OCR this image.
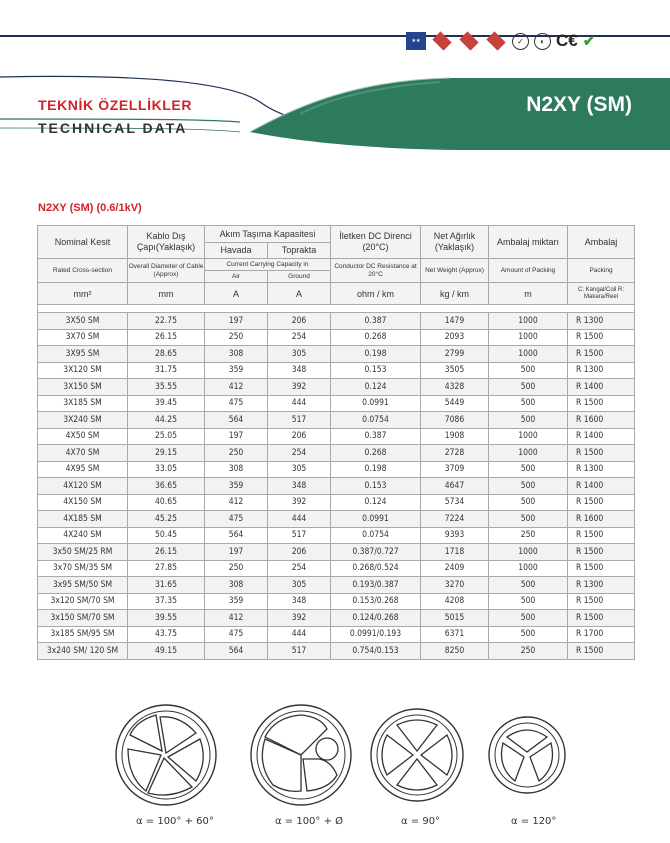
★★	✓	◐ C€ ✔
TEKNİK ÖZELLİKLER
TECHNICAL DATA
N2XY (SM)
N2XY (SM) (0.6/1kV)
Nominal Kesit	Kablo Dış Çapı(Yaklaşık)	Akım Taşıma Kapasitesi		İletken DC Direnci (20°C)	Net Ağırlık (Yaklaşık)	Ambalaj miktarı	Ambalaj
		Havada	Toprakta				
Rated Cross-section	Overall Diameter of Cable (Approx)	Current Carrying Capacity in		Conductor DC Resistance at 20°C	Net Weight (Approx)	Amount of Packing	Packing
		Air	Ground				
mm²	mm	A	A	ohm / km	kg / km	m	C: Kangal/Coil R: Makara/Reel

3X50 SM	22.75	197	206	0.387	1479	1000	R 1300
3X70 SM	26.15	250	254	0.268	2093	1000	R 1500
3X95 SM	28.65	308	305	0.198	2799	1000	R 1500
3X120 SM	31.75	359	348	0.153	3505	500	R 1300
3X150 SM	35.55	412	392	0.124	4328	500	R 1400
3X185 SM	39.45	475	444	0.0991	5449	500	R 1500
3X240 SM	44.25	564	517	0.0754	7086	500	R 1600
4X50 SM	25.05	197	206	0.387	1908	1000	R 1400
4X70 SM	29.15	250	254	0.268	2728	1000	R 1500
4X95 SM	33.05	308	305	0.198	3709	500	R 1300
4X120 SM	36.65	359	348	0.153	4647	500	R 1400
4X150 SM	40.65	412	392	0.124	5734	500	R 1500
4X185 SM	45.25	475	444	0.0991	7224	500	R 1600
4X240 SM	50.45	564	517	0.0754	9393	250	R 1500
3x50 SM/25 RM	26.15	197	206	0.387/0.727	1718	1000	R 1500
3x70 SM/35 SM	27.85	250	254	0.268/0.524	2409	1000	R 1500
3x95 SM/50 SM	31.65	308	305	0.193/0.387	3270	500	R 1300
3x120 SM/70 SM	37.35	359	348	0.153/0.268	4208	500	R 1500
3x150 SM/70 SM	39.55	412	392	0.124/0.268	5015	500	R 1500
3x185 SM/95 SM	43.75	475	444	0.0991/0.193	6371	500	R 1700
3x240 SM/ 120 SM	49.15	564	517	0.754/0.153	8250	250	R 1500
α = 100° + 60°	α = 100° + Ø	α = 90°	α = 120°
